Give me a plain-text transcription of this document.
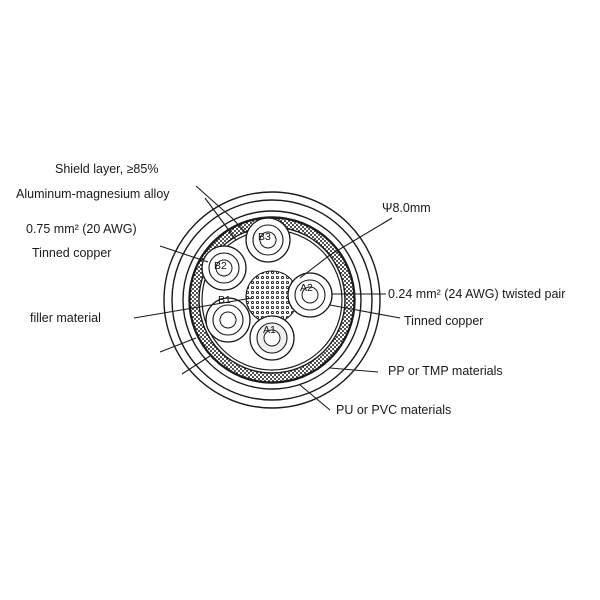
B3
B2
B1
A1
A2
Shield layer, ≥85%
Aluminum-magnesium alloy
0.75 mm² (20 AWG)
Tinned copper
filler material
Ψ8.0mm
0.24 mm² (24 AWG) twisted pair
Tinned copper
PP or TMP materials
PU or PVC materials
